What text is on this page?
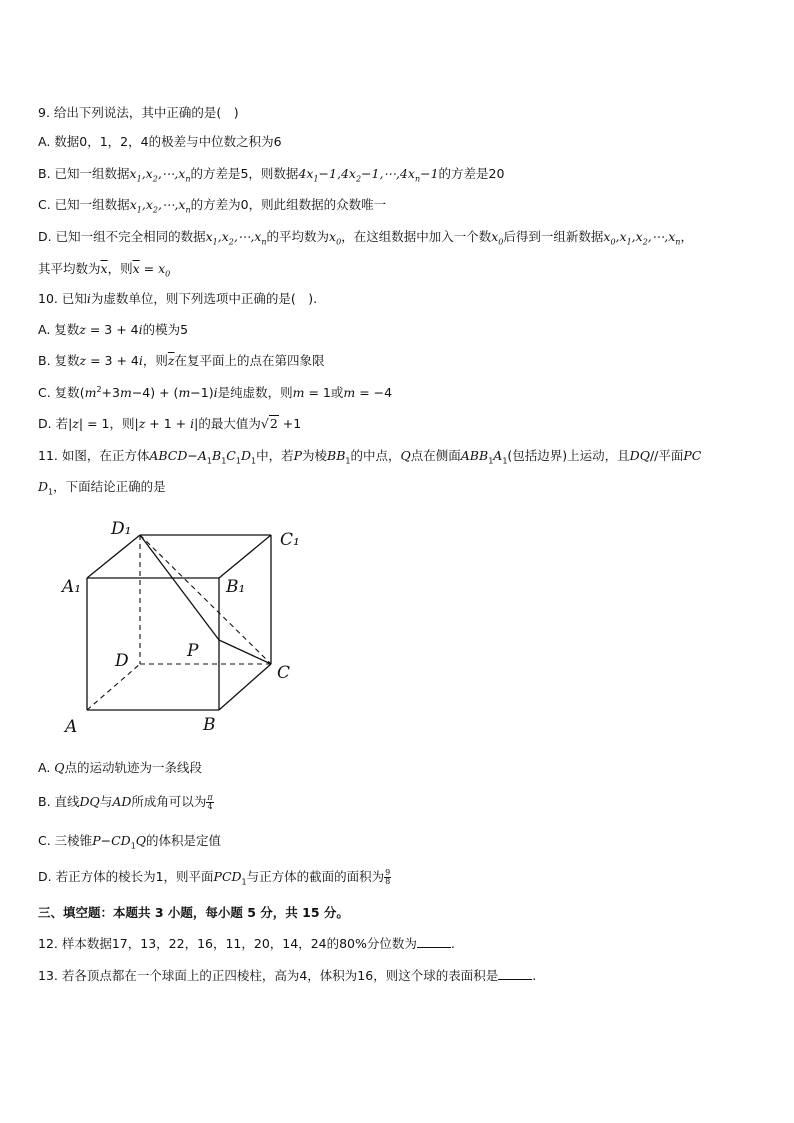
9. 给出下列说法，其中正确的是(　)
A. 数据0，1，2，4的极差与中位数之积为6
B. 已知一组数据$x_1,x_2,\cdots,x_n$的方差是5，则数据$4x_1-1,4x_2-1,\cdots,4x_n-1$的方差是20
C. 已知一组数据$x_1,x_2,\cdots,x_n$的方差为0，则此组数据的众数唯一
D. 已知一组不完全相同的数据$x_1,x_2,\cdots,x_n$的平均数为$x_0$，在这组数据中加入一个数$x_0$后得到一组新数据$x_0,x_1,x_2,\cdots,x_n$，
其平均数为$\overline{x}$，则$\overline{x} = x_0$
10. 已知i为虚数单位，则下列选项中正确的是(　).
A. 复数z = 3 + 4i的模为5
B. 复数z = 3 + 4i，则$\overline{z}$在复平面上的点在第四象限
C. 复数$(m^2+3m-4) + (m-1)i$是纯虚数，则m = 1或m = −4
D. 若|z| = 1，则|z + 1 + i|的最大值为√2 +1
11. 如图，在正方体$ABCD-A_1B_1C_1D_1$中，若P为棱$BB_1$的中点，Q点在侧面$ABB_1A_1$(包括边界)上运动，且DQ//平面PC
$D_1$，下面结论正确的是
D₁
C₁
A₁	B₁
D	P
C
A	B
A. Q点的运动轨迹为一条线段
B. 直线DQ与AD所成角可以为 $\frac{\pi}{4}$
C. 三棱锥$P-CD_1Q$的体积是定值
D. 若正方体的棱长为1，则平面$PCD_1$与正方体的截面的面积为 $\frac{9}{8}$
三、填空题：本题共 3 小题，每小题 5 分，共 15 分。
12. 样本数据17，13，22，16，11，20，14，24的80%分位数为	.
13. 若各顶点都在一个球面上的正四棱柱，高为4，体积为16，则这个球的表面积是	.
